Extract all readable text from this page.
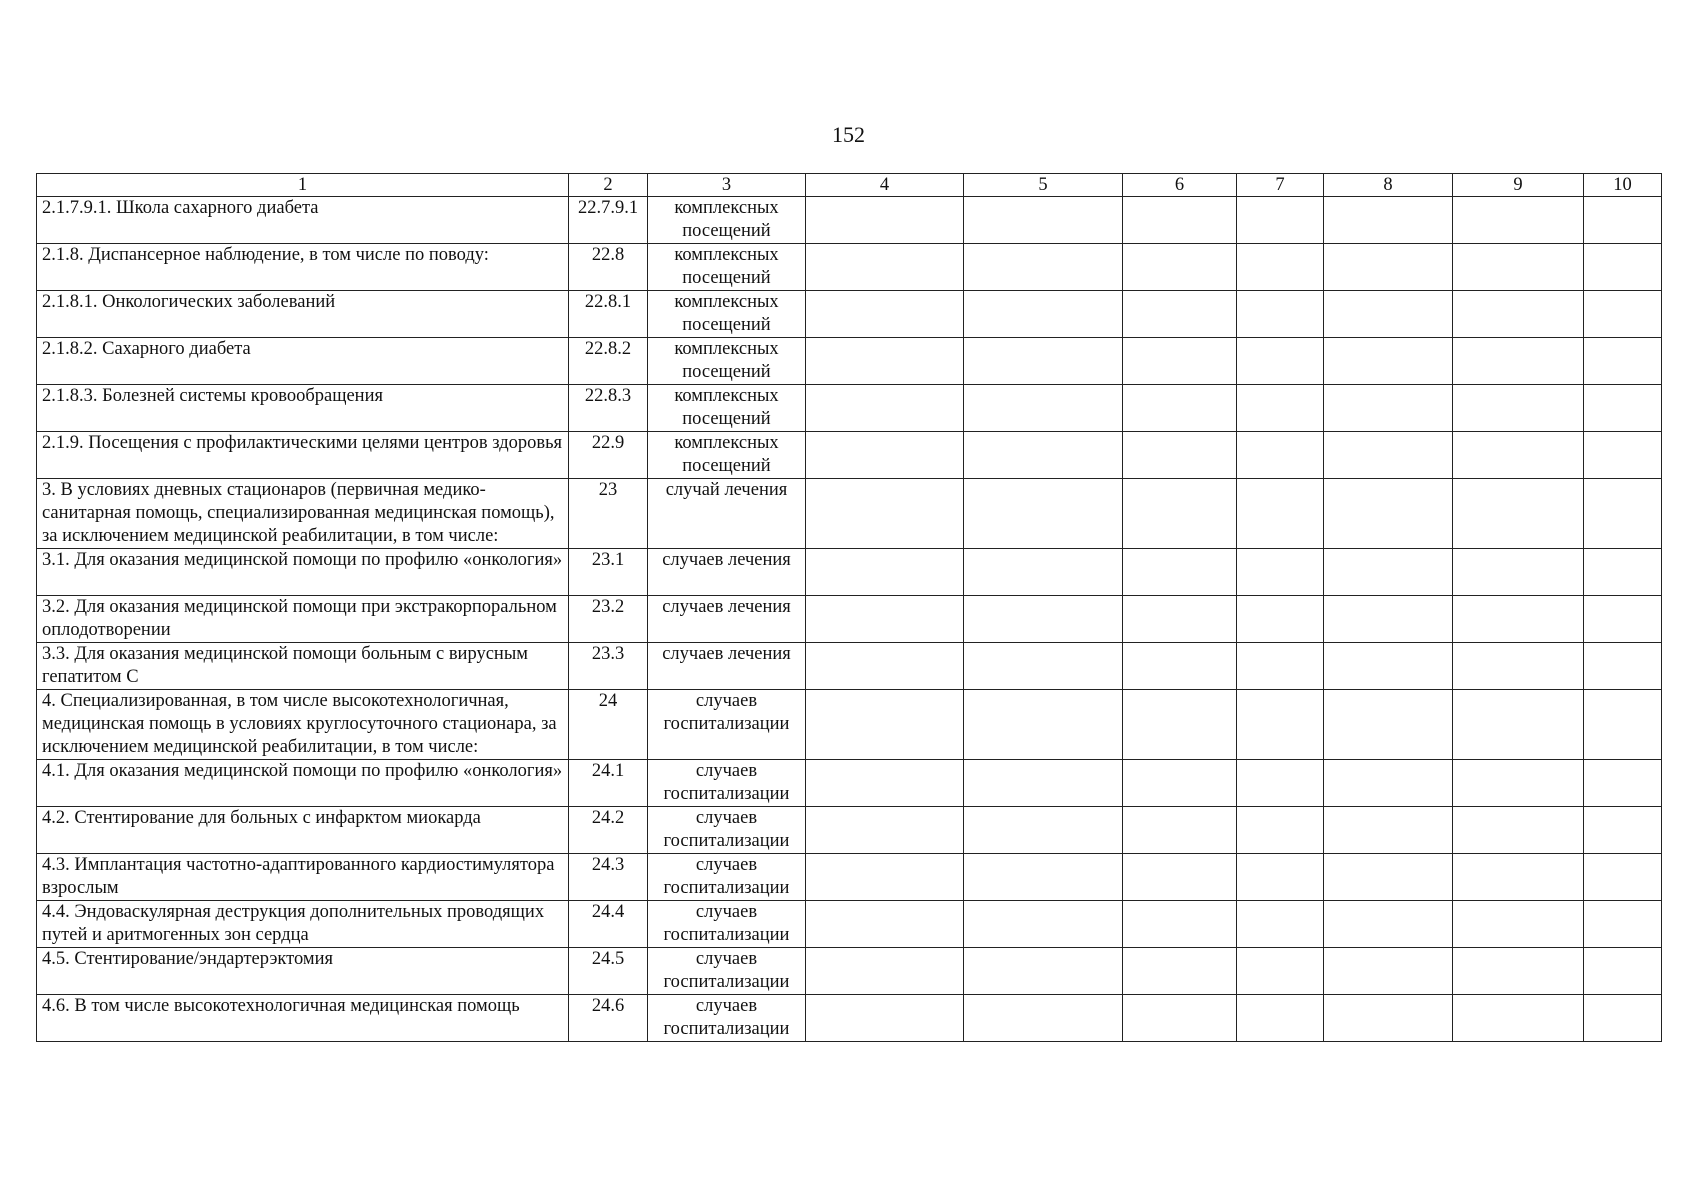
152
1	2	3	4	5	6	7	8	9	10
2.1.7.9.1. Школа сахарного диабета	22.7.9.1	комплексных посещений							
2.1.8. Диспансерное наблюдение, в том числе по поводу:	22.8	комплексных посещений							
2.1.8.1. Онкологических заболеваний	22.8.1	комплексных посещений							
2.1.8.2. Сахарного диабета	22.8.2	комплексных посещений							
2.1.8.3. Болезней системы кровообращения	22.8.3	комплексных посещений							
2.1.9. Посещения с профилактическими целями центров здоровья	22.9	комплексных посещений							
3. В условиях дневных стационаров (первичная медико-санитарная помощь, специализированная медицинская помощь), за исключением медицинской реабилитации, в том числе:	23	случай лечения							
3.1. Для оказания медицинской помощи по профилю «онкология»	23.1	случаев лечения							
3.2. Для оказания медицинской помощи при экстракорпоральном оплодотворении	23.2	случаев лечения							
3.3. Для оказания медицинской помощи больным с вирусным гепатитом С	23.3	случаев лечения							
4. Специализированная, в том числе высокотехнологичная, медицинская помощь в условиях круглосуточного стационара, за исключением медицинской реабилитации, в том числе:	24	случаев госпитализации							
4.1. Для оказания медицинской помощи по профилю «онкология»	24.1	случаев госпитализации							
4.2. Стентирование для больных с инфарктом миокарда	24.2	случаев госпитализации							
4.3. Имплантация частотно-адаптированного кардиостимулятора взрослым	24.3	случаев госпитализации							
4.4. Эндоваскулярная деструкция дополнительных проводящих путей и аритмогенных зон сердца	24.4	случаев госпитализации							
4.5. Стентирование/эндартерэктомия	24.5	случаев госпитализации							
4.6. В том числе высокотехнологичная медицинская помощь	24.6	случаев госпитализации							
